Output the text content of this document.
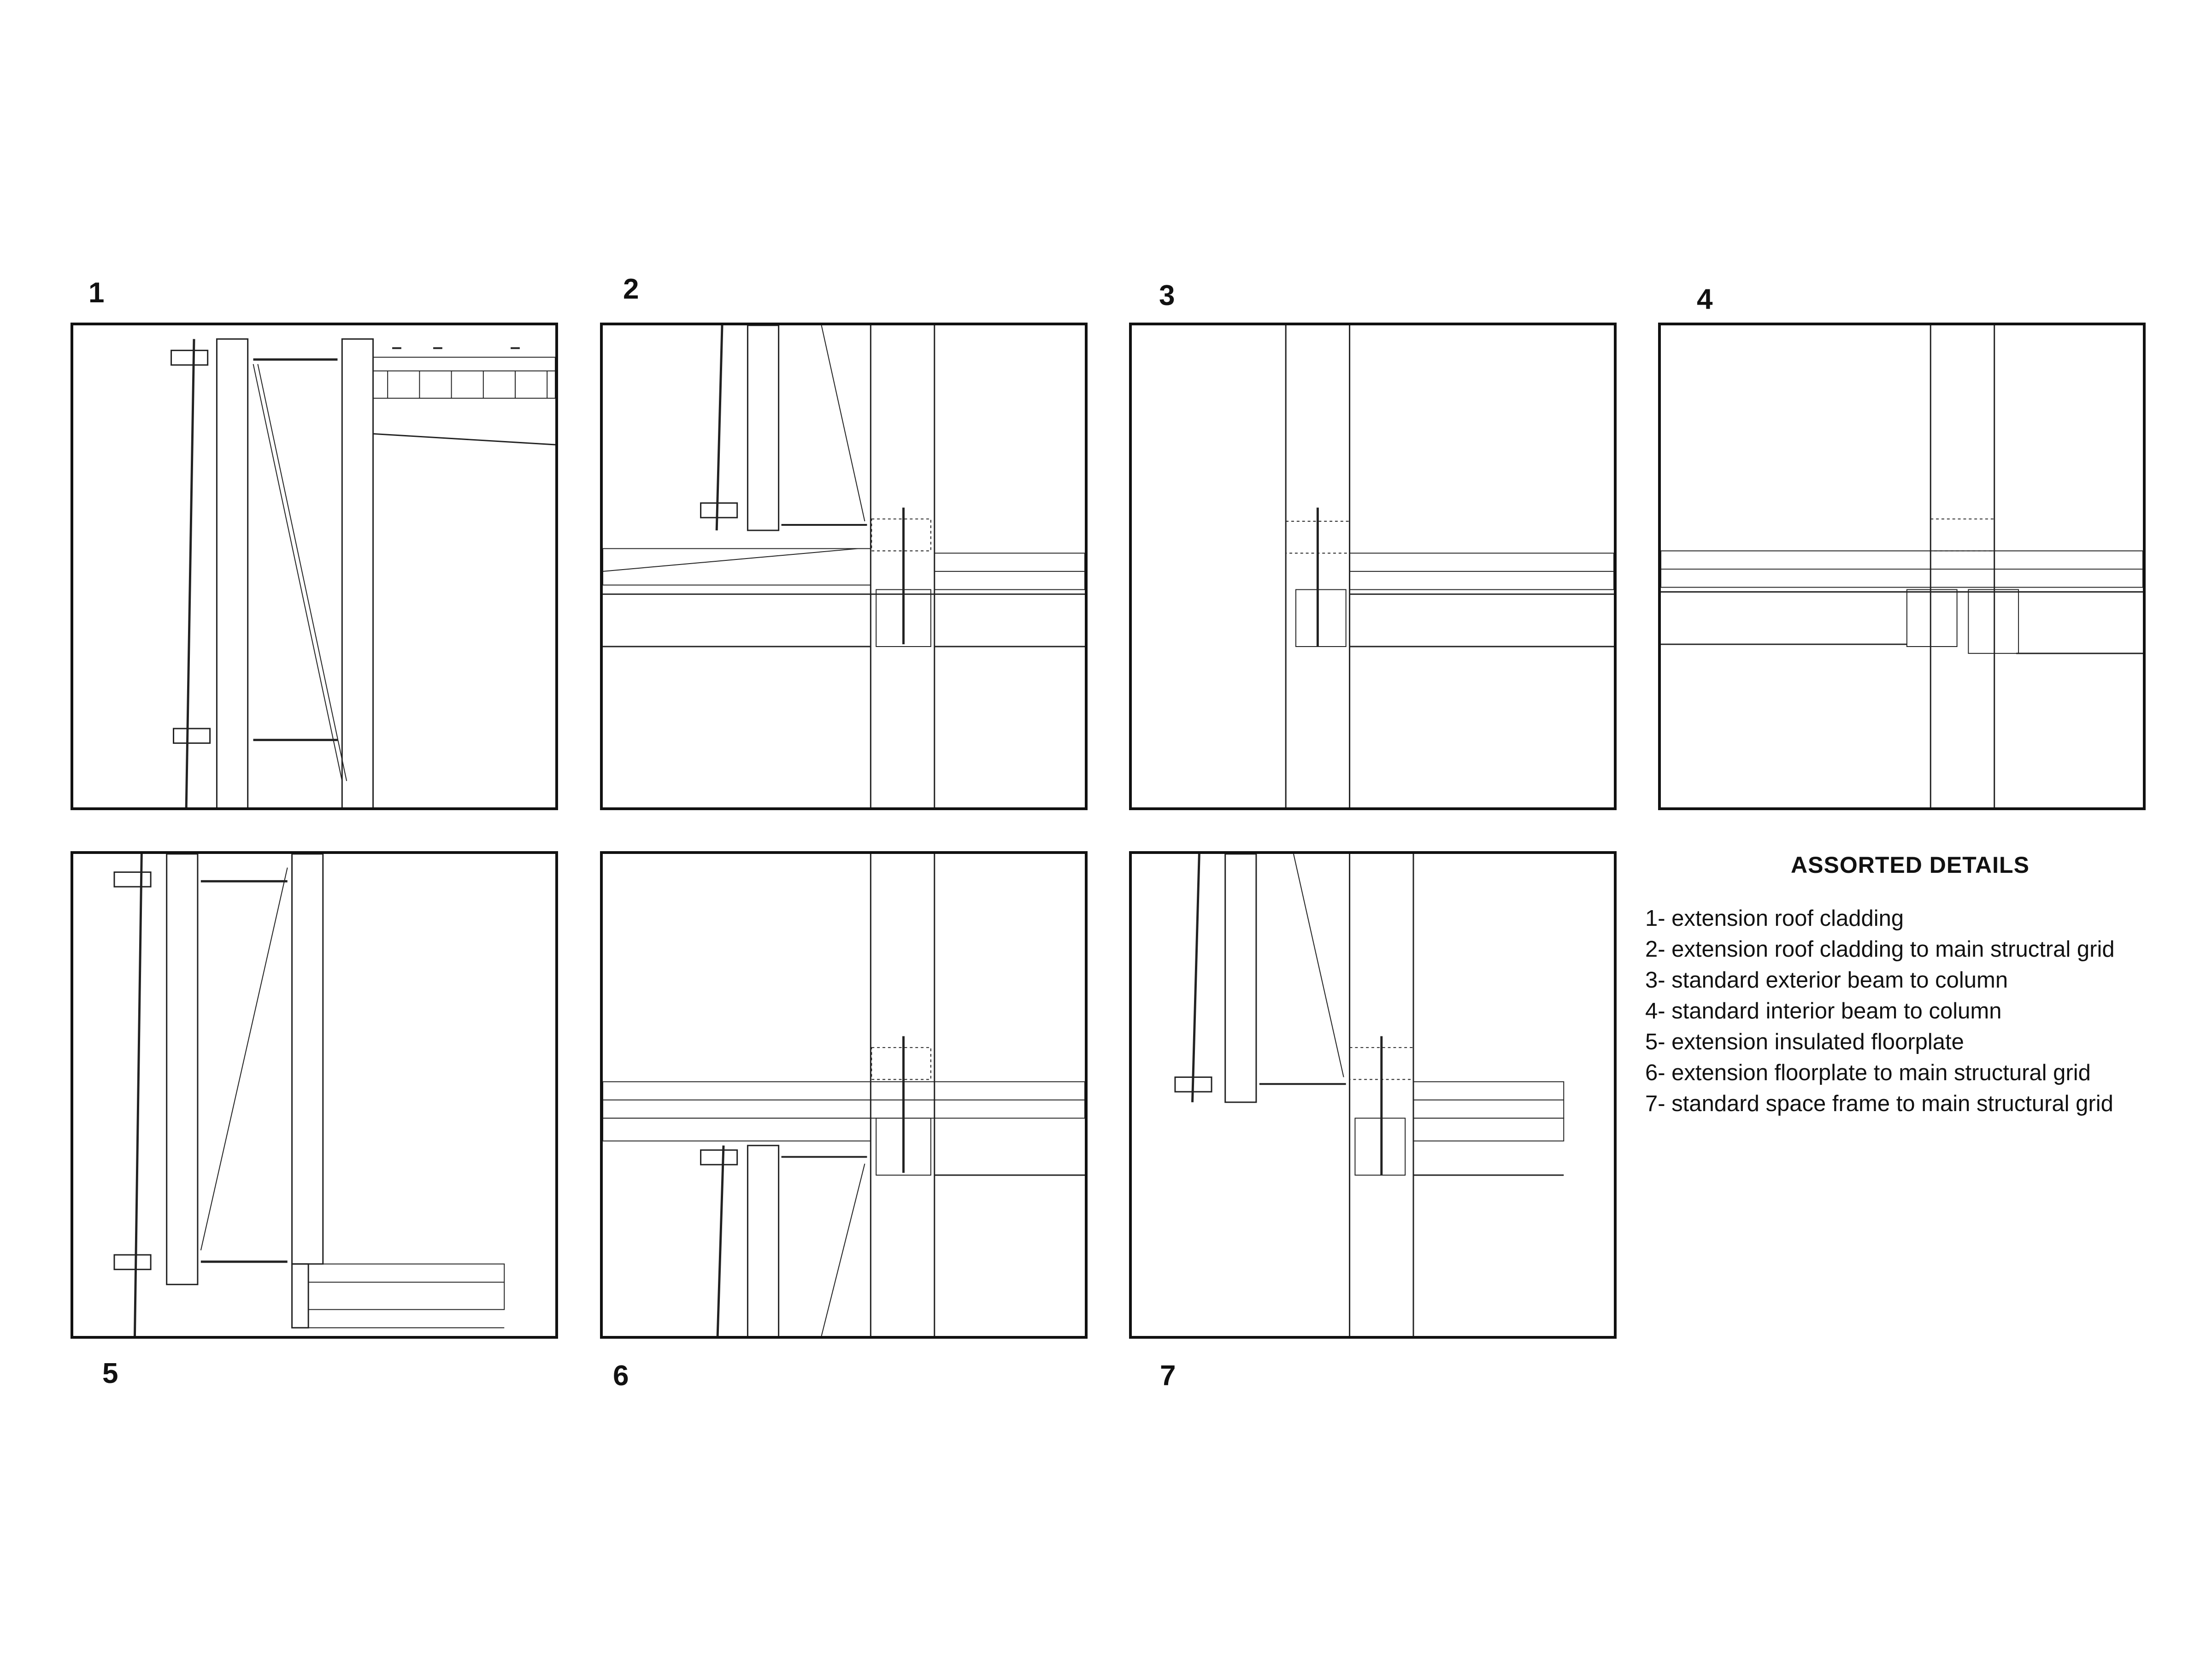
1	2	3	4
5	6	7
ASSORTED DETAILS
1- extension roof cladding
2- extension roof cladding to main structral grid
3- standard exterior beam to column
4- standard interior beam to column
5- extension insulated floorplate
6- extension floorplate to main structural grid
7- standard space frame to main structural grid
